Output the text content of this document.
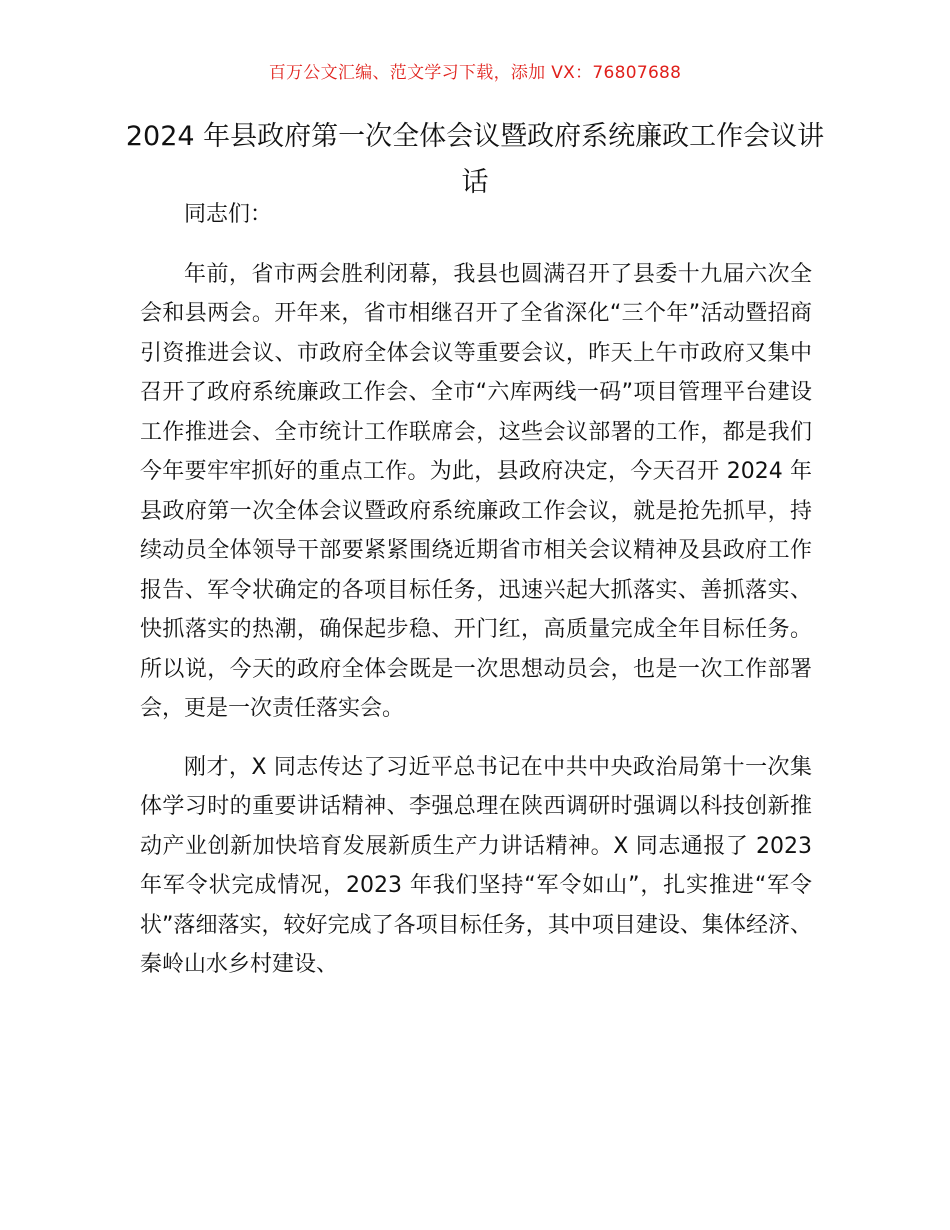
百万公文汇编、范文学习下载，添加 VX：76807688
2024 年县政府第一次全体会议暨政府系统廉政工作会议讲话

同志们：

年前，省市两会胜利闭幕，我县也圆满召开了县委十九届六次全会和县两会。开年来，省市相继召开了全省深化“三个年”活动暨招商引资推进会议、市政府全体会议等重要会议，昨天上午市政府又集中召开了政府系统廉政工作会、全市“六库两线一码”项目管理平台建设工作推进会、全市统计工作联席会，这些会议部署的工作，都是我们今年要牢牢抓好的重点工作。为此，县政府决定，今天召开 2024 年县政府第一次全体会议暨政府系统廉政工作会议，就是抢先抓早，持续动员全体领导干部要紧紧围绕近期省市相关会议精神及县政府工作报告、军令状确定的各项目标任务，迅速兴起大抓落实、善抓落实、快抓落实的热潮，确保起步稳、开门红，高质量完成全年目标任务。所以说，今天的政府全体会既是一次思想动员会，也是一次工作部署会，更是一次责任落实会。

刚才，X 同志传达了习近平总书记在中共中央政治局第十一次集体学习时的重要讲话精神、李强总理在陕西调研时强调以科技创新推动产业创新加快培育发展新质生产力讲话精神。X 同志通报了 2023 年军令状完成情况，2023 年我们坚持“军令如山”，扎实推进“军令状”落细落实，较好完成了各项目标任务，其中项目建设、集体经济、秦岭山水乡村建设、
